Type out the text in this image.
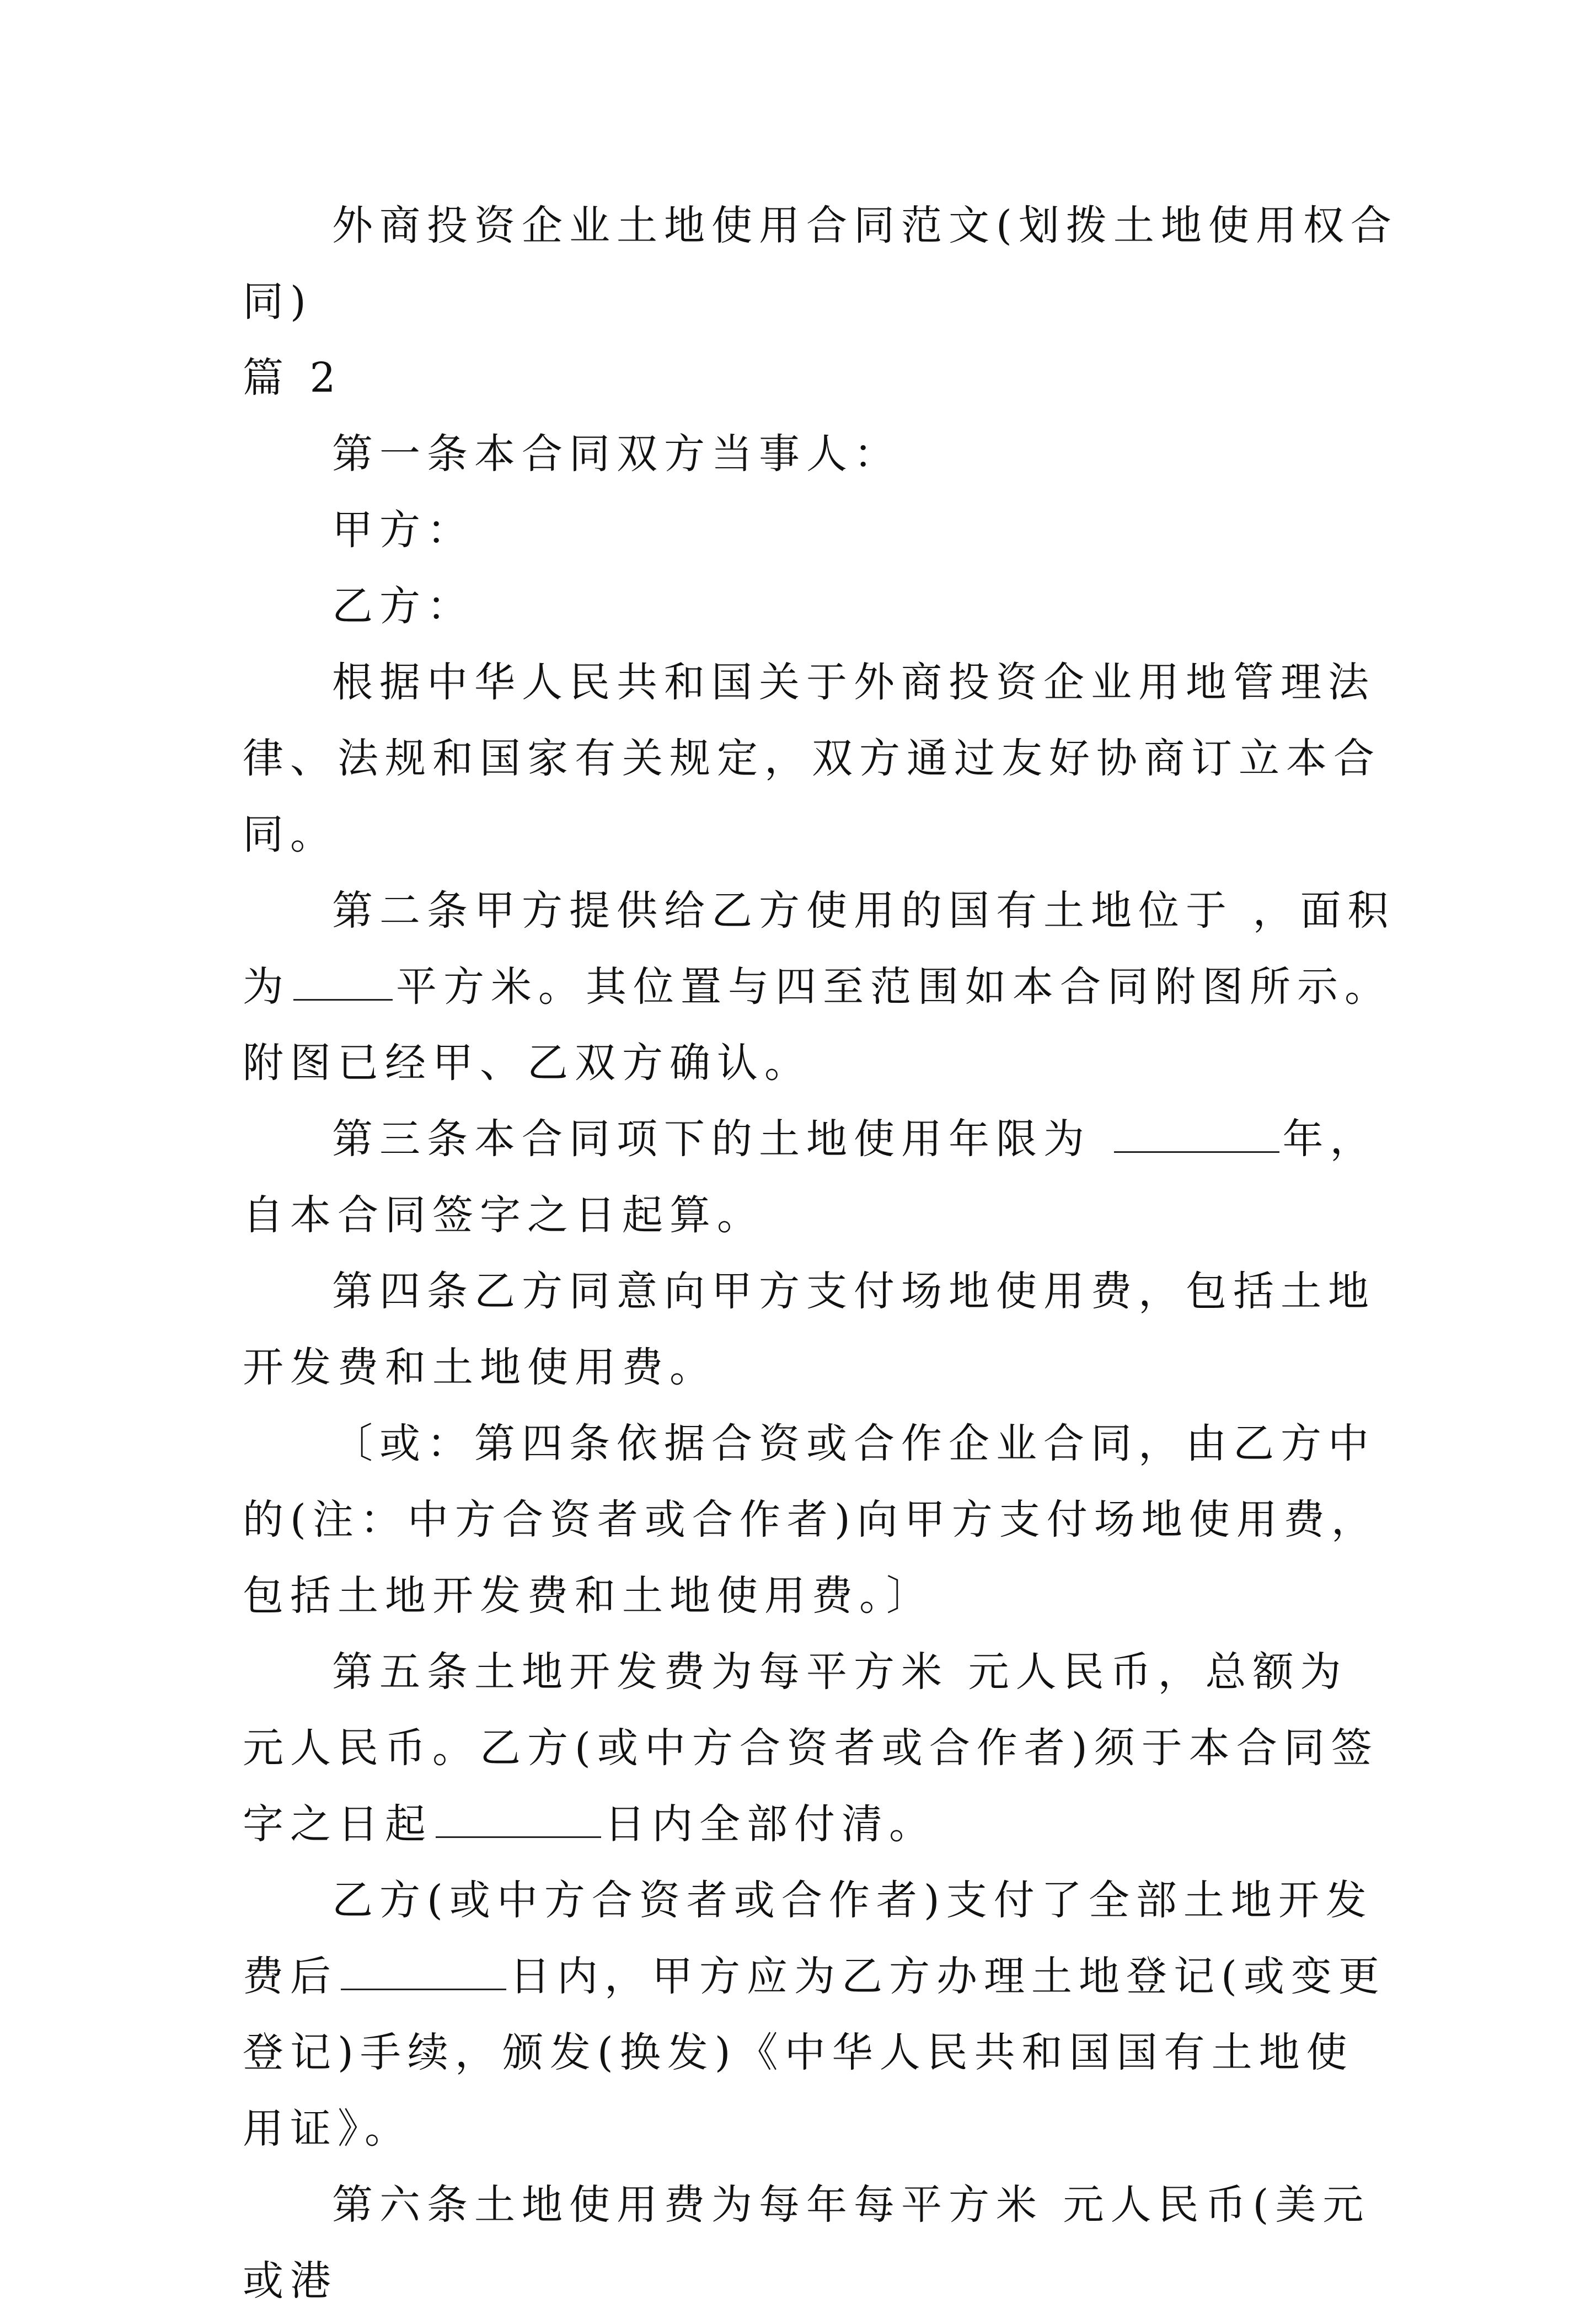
外商投资企业土地使用合同范文(划拨土地使用权合同)

篇 2

第一条本合同双方当事人：

甲方：

乙方：

根据中华人民共和国关于外商投资企业用地管理法律、法规和国家有关规定，双方通过友好协商订立本合同。

第二条甲方提供给乙方使用的国有土地位于 ，面积为	平方米。其位置与四至范围如本合同附图所示。附图已经甲、乙双方确认。

第三条本合同项下的土地使用年限为	年，自本合同签字之日起算。

第四条乙方同意向甲方支付场地使用费，包括土地开发费和土地使用费。

〔或：第四条依据合资或合作企业合同，由乙方中的(注：中方合资者或合作者)向甲方支付场地使用费，包括土地开发费和土地使用费。〕

第五条土地开发费为每平方米 元人民币，总额为 元人民币。乙方(或中方合资者或合作者)须于本合同签字之日起	日内全部付清。

乙方(或中方合资者或合作者)支付了全部土地开发费后	日内，甲方应为乙方办理土地登记(或变更登记)手续，颁发(换发)《中华人民共和国国有土地使用证》。

第六条土地使用费为每年每平方米 元人民币(美元或港
